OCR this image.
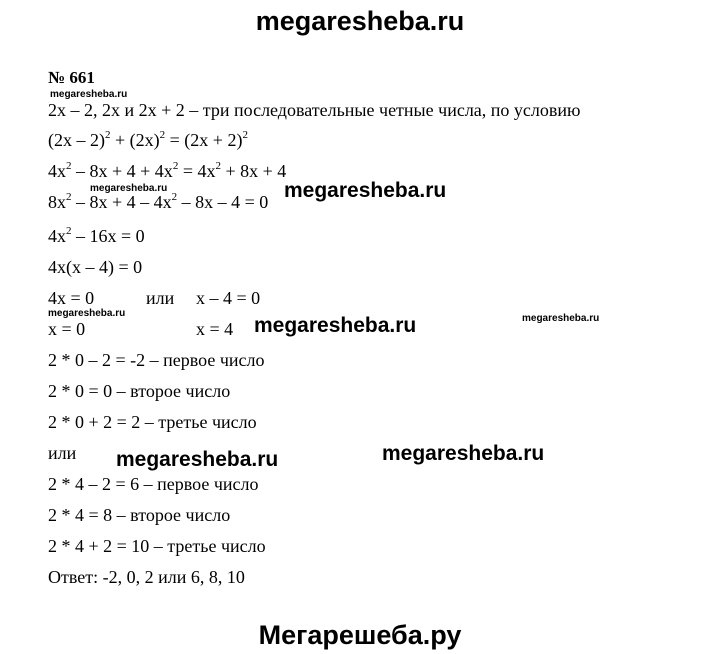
megaresheba.ru
№ 661
megaresheba.ru
2x – 2, 2x и 2x + 2 – три последовательные четные числа, по условию
$(2x - 2)^2 + (2x)^2 = (2x + 2)^2$
$4x^2 - 8x + 4 + 4x^2 = 4x^2 + 8x + 4$
megaresheba.ru	megaresheba.ru
$8x^2 - 8x + 4 - 4x^2 - 8x - 4 = 0$
$4x^2 - 16x = 0$
4x(x – 4) = 0
4x = 0	или x – 4 = 0
megaresheba.ru
megaresheba.ru	megaresheba.ru
x = 0	x = 4
2 * 0 – 2 = -2 – первое число
2 * 0 = 0 – второе число
2 * 0 + 2 = 2 – третье число
или megaresheba.ru	megaresheba.ru
2 * 4 – 2 = 6 – первое число
2 * 4 = 8 – второе число
2 * 4 + 2 = 10 – третье число
Ответ: -2, 0, 2 или 6, 8, 10
Мегарешеба.ру
